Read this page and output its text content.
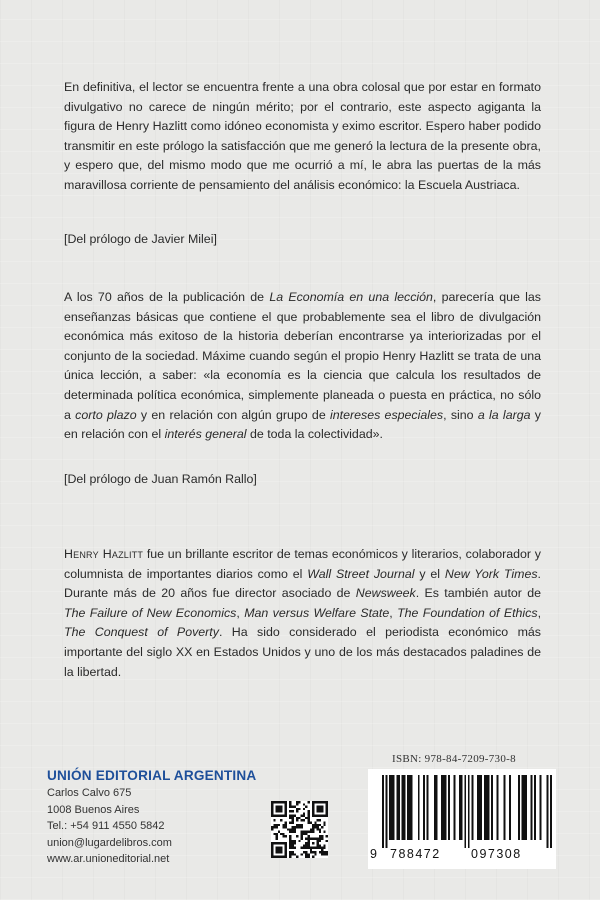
En definitiva, el lector se encuentra frente a una obra colosal que por estar en formato divulgativo no carece de ningún mérito; por el contrario, este aspecto agiganta la figura de Henry Hazlitt como idóneo economista y eximo escritor. Espero haber podido transmitir en este prólogo la satisfacción que me generó la lectura de la presente obra, y espero que, del mismo modo que me ocurrió a mí, le abra las puertas de la más maravillosa corriente de pensamiento del análisis económico: la Escuela Austriaca.
[Del prólogo de Javier Milei]
A los 70 años de la publicación de La Economía en una lección, parecería que las enseñanzas básicas que contiene el que probablemente sea el libro de divulgación económica más exitoso de la historia deberían encontrarse ya interiorizadas por el conjunto de la sociedad. Máxime cuando según el propio Henry Hazlitt se trata de una única lección, a saber: «la economía es la ciencia que calcula los resultados de determinada política económica, simplemente planeada o puesta en práctica, no sólo a corto plazo y en relación con algún grupo de intereses especiales, sino a la larga y en relación con el interés general de toda la colectividad».
[Del prólogo de Juan Ramón Rallo]
Henry Hazlitt fue un brillante escritor de temas económicos y literarios, colaborador y columnista de importantes diarios como el Wall Street Journal y el New York Times. Durante más de 20 años fue director asociado de Newsweek. Es también autor de The Failure of New Economics, Man versus Welfare State, The Foundation of Ethics, The Conquest of Poverty. Ha sido considerado el periodista económico más importante del siglo XX en Estados Unidos y uno de los más destacados paladines de la libertad.
UNIÓN EDITORIAL ARGENTINA
Carlos Calvo 675
1008 Buenos Aires
Tel.: +54 911 4550 5842
union@lugardelibros.com
www.ar.unioneditorial.net
ISBN: 978-84-7209-730-8
9 788472 097308
